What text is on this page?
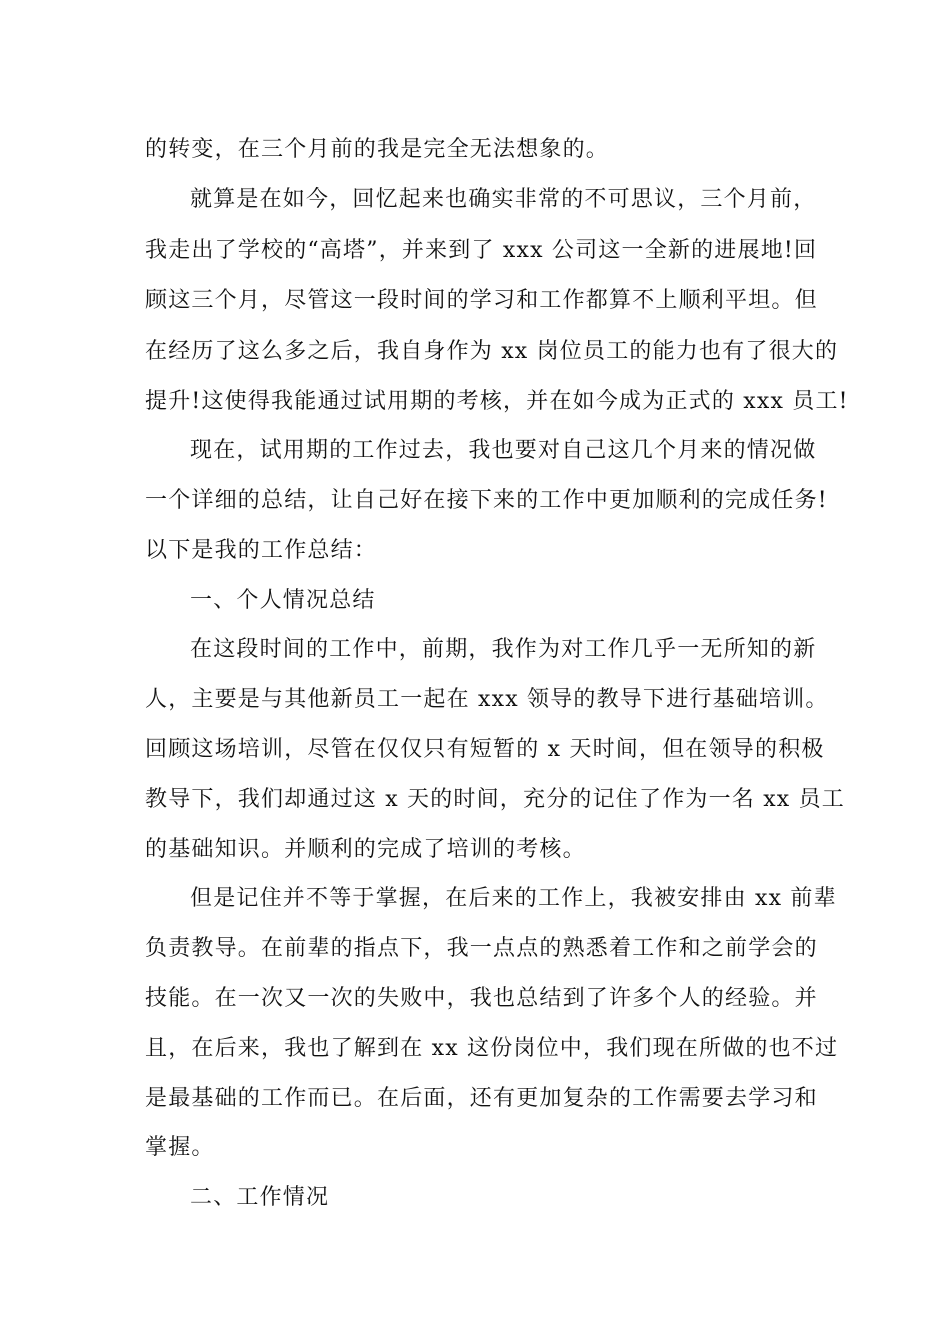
的转变，在三个月前的我是完全无法想象的。
就算是在如今，回忆起来也确实非常的不可思议，三个月前，
我走出了学校的“高塔”，并来到了 xxx 公司这一全新的进展地!回
顾这三个月，尽管这一段时间的学习和工作都算不上顺利平坦。但
在经历了这么多之后，我自身作为 xx 岗位员工的能力也有了很大的
提升!这使得我能通过试用期的考核，并在如今成为正式的 xxx 员工!
现在，试用期的工作过去，我也要对自己这几个月来的情况做
一个详细的总结，让自己好在接下来的工作中更加顺利的完成任务!
以下是我的工作总结：
一、个人情况总结
在这段时间的工作中，前期，我作为对工作几乎一无所知的新
人，主要是与其他新员工一起在 xxx 领导的教导下进行基础培训。
回顾这场培训，尽管在仅仅只有短暂的 x 天时间，但在领导的积极
教导下，我们却通过这 x 天的时间，充分的记住了作为一名 xx 员工
的基础知识。并顺利的完成了培训的考核。
但是记住并不等于掌握，在后来的工作上，我被安排由 xx 前辈
负责教导。在前辈的指点下，我一点点的熟悉着工作和之前学会的
技能。在一次又一次的失败中，我也总结到了许多个人的经验。并
且，在后来，我也了解到在 xx 这份岗位中，我们现在所做的也不过
是最基础的工作而已。在后面，还有更加复杂的工作需要去学习和
掌握。
二、工作情况
